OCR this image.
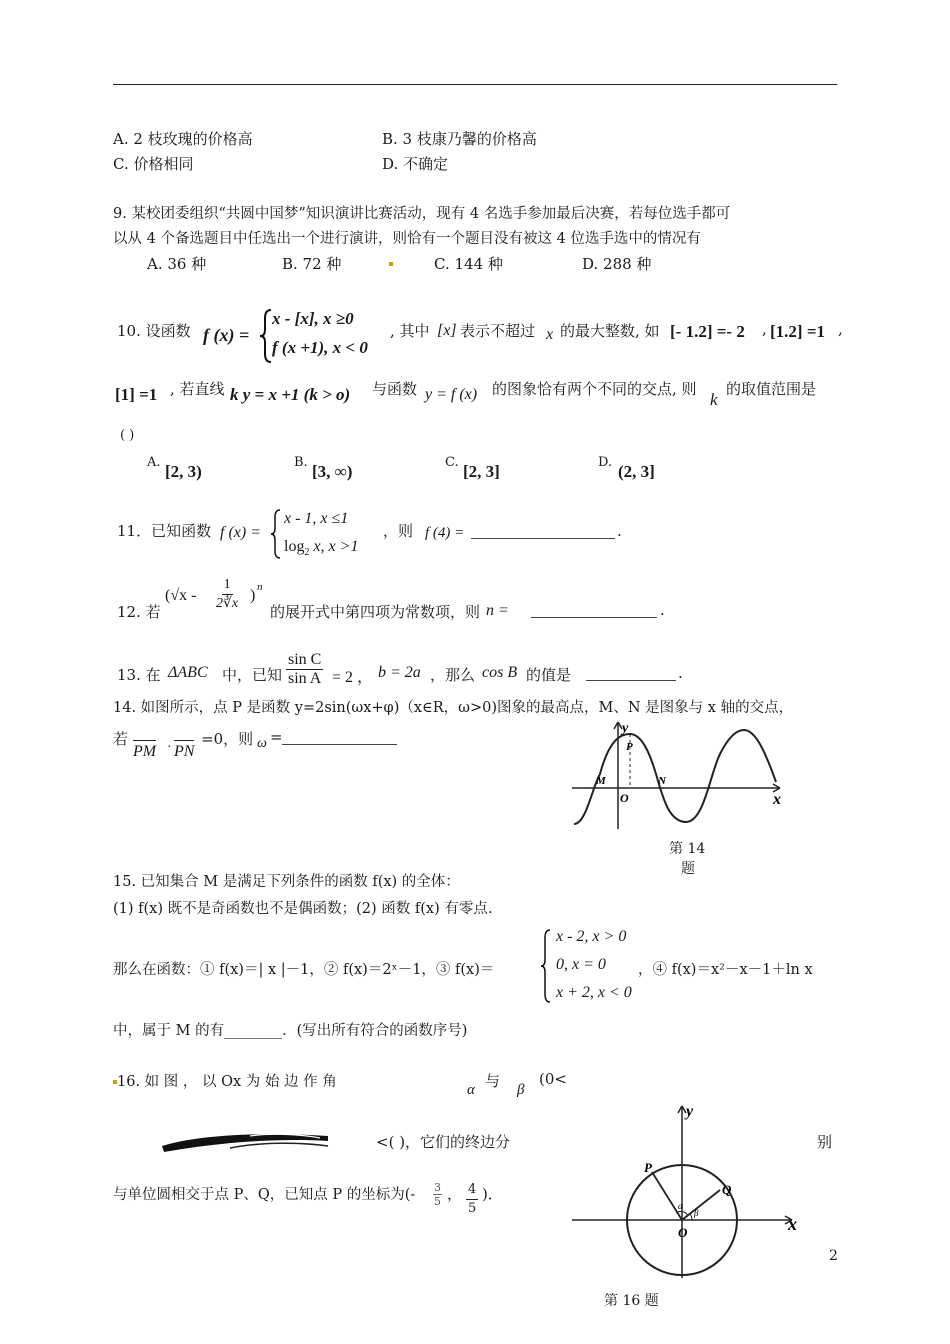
A. 2 枝玫瑰的价格高	B. 3 枝康乃馨的价格高
C. 价格相同	D. 不确定
9. 某校团委组织“共圆中国梦”知识演讲比赛活动，现有 4 名选手参加最后决赛，若每位选手都可
以从 4 个备选题目中任选出一个进行演讲，则恰有一个题目没有被这 4 位选手选中的情况有
A. 36 种	B. 72 种	C. 144 种	D. 288 种
10. 设函数 f (x) =
x - [x], x ≥0
f (x +1), x < 0
, 其中 [x] 表示不超过 x 的最大整数, 如 [- 1.2] =- 2 , [1.2] =1 ,
[1] =1 , 若直线 k y = x +1 (k > o) 与函数 y = f (x) 的图象恰有两个不同的交点, 则
k
的取值范围是
( )
A. [2, 3)	B. [3, ∞)	C. [2, 3]	D. (2, 3]
11．已知函数 f (x) =
x - 1, x ≤1
$\log_2 x$, x >1
，则 f (4) =	.
12. 若
($√x - \frac{1}{2∛x}$ ) n
的展开式中第四项为常数项，则 n =	.
13. 在 ΔABC 中，已知 $\frac{\text{sin C}}{\text{sin A}} = 2$ ， b = 2a ，那么 cos B 的值是	.
14. 如图所示，点 P 是函数 y=2sin(ωx+φ)（x∈R，ω>0)图象的最高点，M、N 是图象与 x 轴的交点，
若
PM · PN
=0，则 ω =
P
M	N
O	x
y
第 14
题
15. 已知集合 M 是满足下列条件的函数 f(x) 的全体：
(1) f(x) 既不是奇函数也不是偶函数；(2) 函数 f(x) 有零点.
那么在函数：① f(x)＝| x |－1，② f(x)＝2ˣ－1，③ f(x)＝
x - 2, x > 0
0, x = 0
x + 2, x < 0
，④ f(x)＝x²－x－1＋ln x
中，属于 M 的有________．(写出所有符合的函数序号)
16. 如 图 ， 以 Ox 为 始 边 作 角	α 与 β
(0<
<( )，它们的终边分	别
与单位圆相交于点 P、Q，已知点 P 的坐标为(- $\frac{3}{5}$ ， $\frac{4}{5}$ )．
P
Q
α
β
O	x
y
第 16 题
2
